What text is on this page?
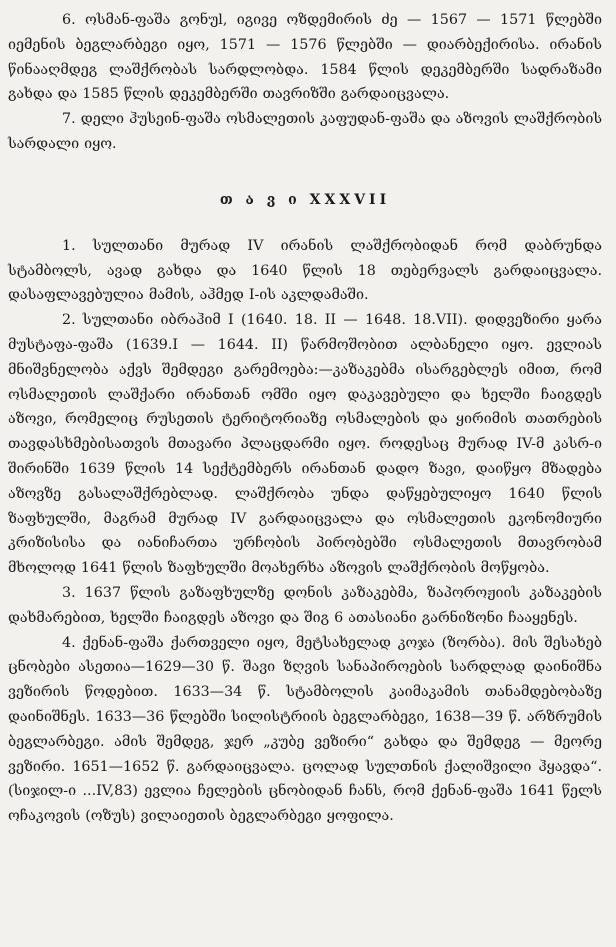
6. ოსმან-ფაშა გონუl, იგივე ოზდემირის ძე — 1567 — 1571 წლებში იემენის ბეგლარბეგი იყო, 1571 — 1576 წლებში — დიარბექირისა. ირანის წინააღმდეგ ლაშქრობას სარდლობდა. 1584 წლის დეკემბერში სადრაზამი გახდა და 1585 წლის დეკემბერში თავრიზში გარდაიცვალა.

7. დელი ჰუსეინ-ფაშა ოსმალეთის კაფუდან-ფაშა და აზოვის ლაშქრობის სარდალი იყო.

თ ა ვ ი XXXVII

1. სულთანი მურად IV ირანის ლაშქრობიდან რომ დაბრუნდა სტამბოლს, ავად გახდა და 1640 წლის 18 თებერვალს გარდაიცვალა. დასაფლავებულია მამის, აჰმედ I-ის აკლდამაში.

2. სულთანი იბრაჰიმ I (1640. 18. II — 1648. 18.VII). დიდვეზირი ყარა მუსტაფა-ფაშა (1639.I — 1644. II) წარმოშობით ალბანელი იყო. ევლიას მნიშვნელობა აქვს შემდეგი გარემოება:—კაზაკებმა ისარგებლეს იმით, რომ ოსმალეთის ლაშქარი ირანთან ომში იყო დაკავებული და ხელში ჩაიგდეს აზოვი, რომელიც რუსეთის ტერიტორიაზე ოსმალების და ყირიმის თათრების თავდასხმებისათვის მთავარი პლაცდარმი იყო. როდესაც მურად IV-მ კასრ-ი შირინში 1639 წლის 14 სექტემბერს ირანთან დადო ზავი, დაიწყო მზადება აზოვზე გასალაშქრებლად. ლაშქრობა უნდა დაწყებულიყო 1640 წლის ზაფხულში, მაგრამ მურად IV გარდაიცვალა და ოსმალეთის ეკონომიური კრიზისისა და იანიჩართა ურჩობის პირობებში ოსმალეთის მთავრობამ მხოლოდ 1641 წლის ზაფხულში მოახერხა აზოვის ლაშქრობის მოწყობა.

3. 1637 წლის გაზაფხულზე დონის კაზაკებმა, ზაპოროჟიის კაზაკების დახმარებით, ხელში ჩაიგდეს აზოვი და შიგ 6 ათასიანი გარნიზონი ჩააყენეს.

4. ქენან-ფაშა ქართველი იყო, მეტსახელად კოჯა (ზორბა). მის შესახებ ცნობები ასეთია—1629—30 წ. შავი ზღვის სანაპიროების სარდლად დაინიშნა ვეზირის წოდებით. 1633—34 წ. სტამბოლის კაიმაკამის თანამდებობაზე დაინიშნეს. 1633—36 წლებში სილისტრიის ბეგლარბეგი, 1638—39 წ. არზრუმის ბეგლარბეგი. ამის შემდეგ, ჯერ „კუბე ვეზირი“ გახდა და შემდეგ — მეორე ვეზირი. 1651—1652 წ. გარდაიცვალა. ცოლად სულთნის ქალიშვილი ჰყავდა“. (სიჯილ-ი ...IV,83) ევლია ჩელების ცნობიდან ჩანს, რომ ქენან-ფაშა 1641 წელს ოჩაკოვის (ოზუს) ვილაიეთის ბეგლარბეგი ყოფილა.
